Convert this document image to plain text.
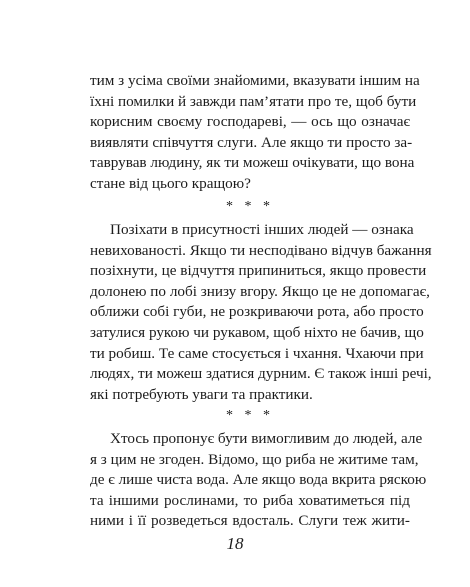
тим з усіма своїми знайомими, вказувати іншим на
їхні помилки й завжди пам’ятати про те, щоб бути
корисним своєму господареві, — ось що означає
виявляти співчуття слуги. Але якщо ти просто за-
таврував людину, як ти можеш очікувати, що вона
стане від цього кращою?
* * *
Позіхати в присутності інших людей — ознака
невихованості. Якщо ти несподівано відчув бажання
позіхнути, це відчуття припиниться, якщо провести
долонею по лобі знизу вгору. Якщо це не допомагає,
оближи собі губи, не розкриваючи рота, або просто
затулися рукою чи рукавом, щоб ніхто не бачив, що
ти робиш. Те саме стосується і чхання. Чхаючи при
людях, ти можеш здатися дурним. Є також інші речі,
які потребують уваги та практики.
* * *
Хтось пропонує бути вимогливим до людей, але
я з цим не згоден. Відомо, що риба не житиме там,
де є лише чиста вода. Але якщо вода вкрита ряскою
та іншими рослинами, то риба ховатиметься під
ними і її розведеться вдосталь. Слуги теж жити-
18
